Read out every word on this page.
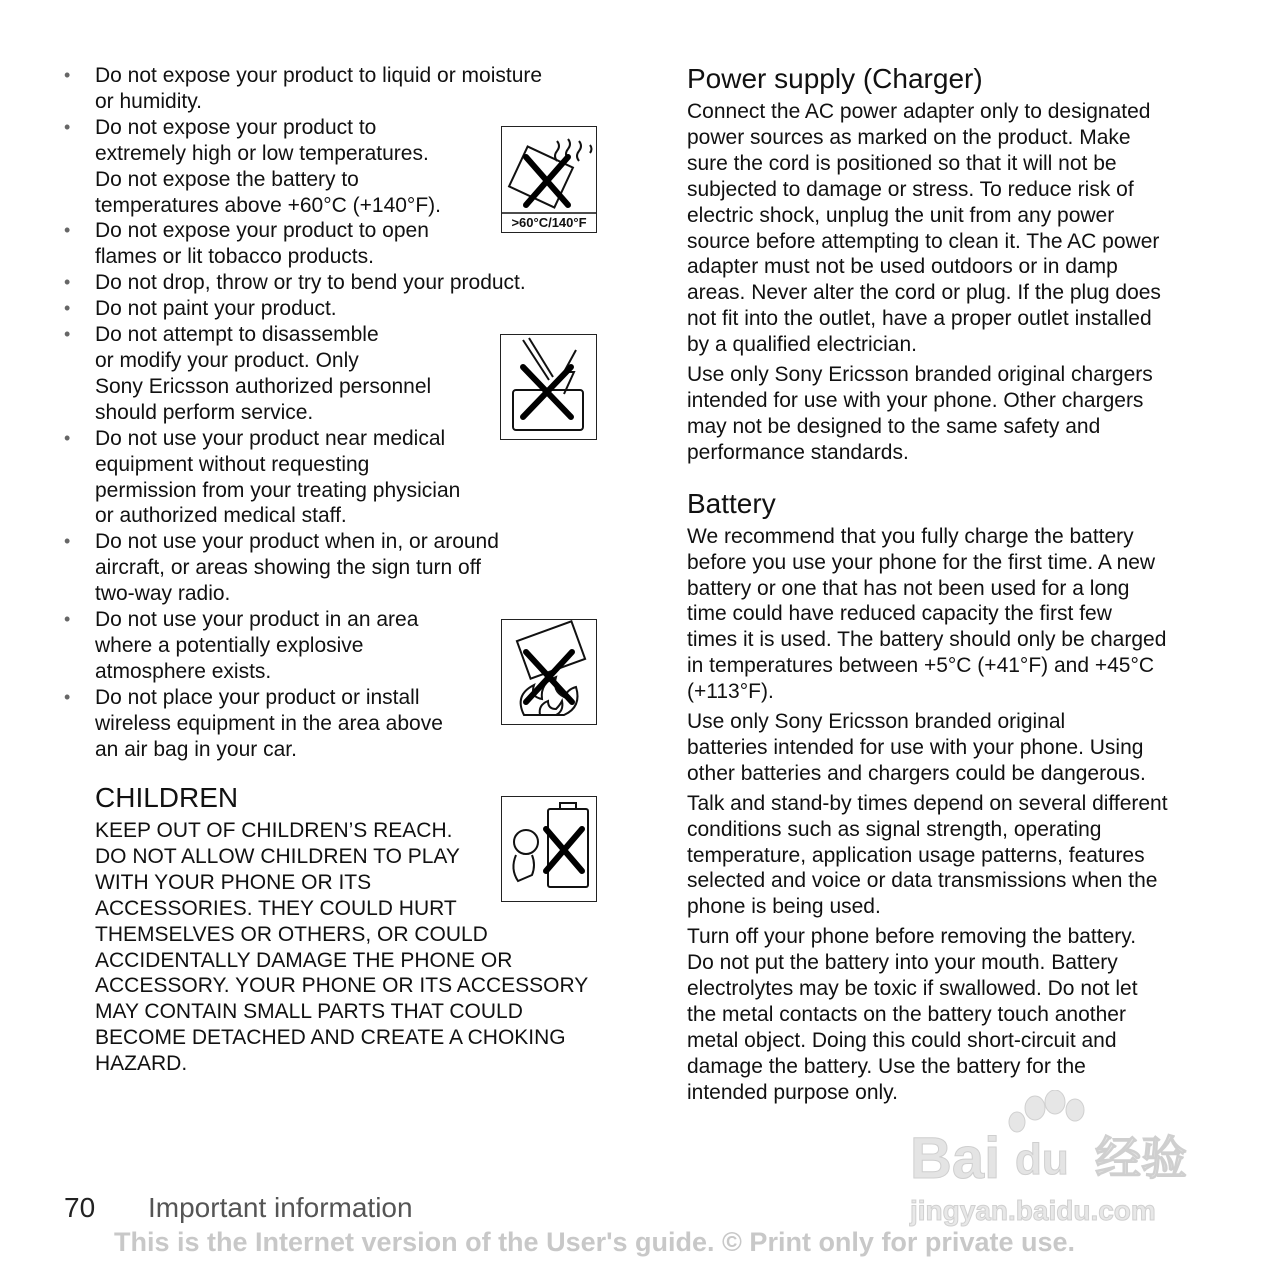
• Do not expose your product to liquid or moisture
or humidity.
• Do not expose your product to
extremely high or low temperatures.
Do not expose the battery to
temperatures above +60°C (+140°F).
• Do not expose your product to open
flames or lit tobacco products.
• Do not drop, throw or try to bend your product.
• Do not paint your product.
• Do not attempt to disassemble
or modify your product. Only
Sony Ericsson authorized personnel
should perform service.
• Do not use your product near medical
equipment without requesting
permission from your treating physician
or authorized medical staff.
• Do not use your product when in, or around
aircraft, or areas showing the sign turn off
two-way radio.
• Do not use your product in an area
where a potentially explosive
atmosphere exists.
• Do not place your product or install
wireless equipment in the area above
an air bag in your car.
CHILDREN

KEEP OUT OF CHILDREN’S REACH.
DO NOT ALLOW CHILDREN TO PLAY
WITH YOUR PHONE OR ITS
ACCESSORIES. THEY COULD HURT
THEMSELVES OR OTHERS, OR COULD
ACCIDENTALLY DAMAGE THE PHONE OR
ACCESSORY. YOUR PHONE OR ITS ACCESSORY
MAY CONTAIN SMALL PARTS THAT COULD
BECOME DETACHED AND CREATE A CHOKING
HAZARD.

>60°C/140°F
Power supply (Charger)

Connect the AC power adapter only to designated
power sources as marked on the product. Make
sure the cord is positioned so that it will not be
subjected to damage or stress. To reduce risk of
electric shock, unplug the unit from any power
source before attempting to clean it. The AC power
adapter must not be used outdoors or in damp
areas. Never alter the cord or plug. If the plug does
not fit into the outlet, have a proper outlet installed
by a qualified electrician.

Use only Sony Ericsson branded original chargers
intended for use with your phone. Other chargers
may not be designed to the same safety and
performance standards.

Battery

We recommend that you fully charge the battery
before you use your phone for the first time. A new
battery or one that has not been used for a long
time could have reduced capacity the first few
times it is used. The battery should only be charged
in temperatures between +5°C (+41°F) and +45°C
(+113°F).

Use only Sony Ericsson branded original
batteries intended for use with your phone. Using
other batteries and chargers could be dangerous.

Talk and stand-by times depend on several different
conditions such as signal strength, operating
temperature, application usage patterns, features
selected and voice or data transmissions when the
phone is being used.

Turn off your phone before removing the battery.
Do not put the battery into your mouth. Battery
electrolytes may be toxic if swallowed. Do not let
the metal contacts on the battery touch another
metal object. Doing this could short-circuit and
damage the battery. Use the battery for the
intended purpose only.

Bai du 经验
jingyan.baidu.com
70 Important information
This is the Internet version of the User's guide. © Print only for private use.
